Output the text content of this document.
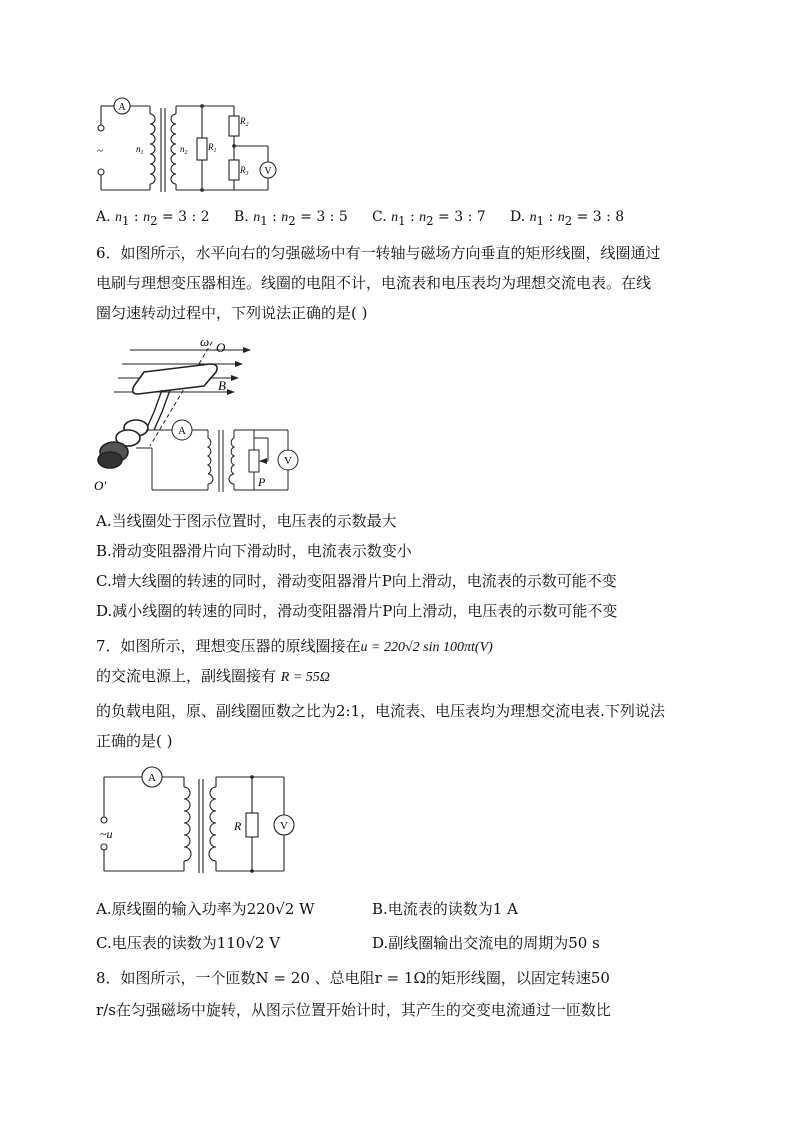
A
V
~	$n_1$	$n_2$
$R_1$
$R_2$
$R_3$
A. $n_1$ : $n_2 = 3$ : 2 B. $n_1$ : $n_2 = 3$ : 5 C. $n_1$ : $n_2 = 3$ : 7 D. $n_1$ : $n_2 = 3$ : 8
6．如图所示，水平向右的匀强磁场中有一转轴与磁场方向垂直的矩形线圈，线圈通过
电刷与理想变压器相连。线圈的电阻不计，电流表和电压表均为理想交流电表。在线
圈匀速转动过程中，下列说法正确的是( )
ω O
B
O′
A
V
P
A.当线圈处于图示位置时，电压表的示数最大
B.滑动变阻器滑片向下滑动时，电流表示数变小
C.增大线圈的转速的同时，滑动变阻器滑片P向上滑动，电流表的示数可能不变
D.减小线圈的转速的同时，滑动变阻器滑片P向上滑动，电压表的示数可能不变
7．如图所示，理想变压器的原线圈接在u = 220√2 sin 100πt(V)
的交流电源上，副线圈接有 R = 55Ω
的负载电阻，原、副线圈匝数之比为2:1，电流表、电压表均为理想交流电表.下列说法
正确的是( )
A
V
~u
R
A.原线圈的输入功率为220√2 W	B.电流表的读数为1 A
C.电压表的读数为110√2 V	D.副线圈输出交流电的周期为50 s
8．如图所示，一个匝数N = 20 、总电阻r = 1Ω的矩形线圈，以固定转速50
r/s在匀强磁场中旋转，从图示位置开始计时，其产生的交变电流通过一匝数比
